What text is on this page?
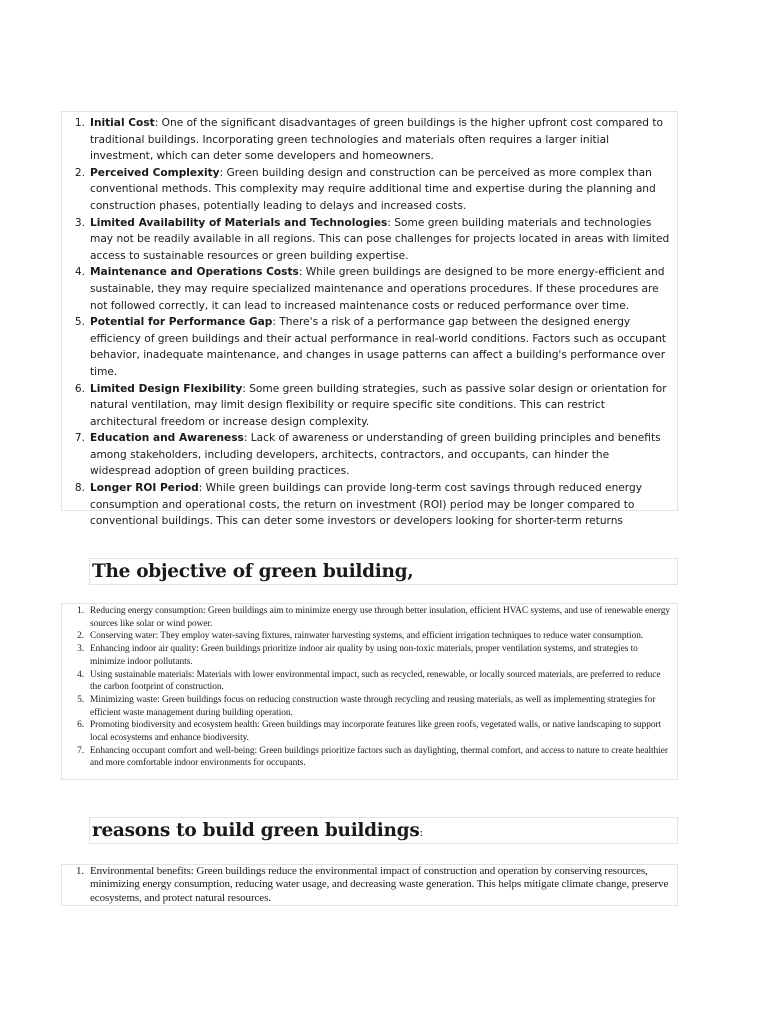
1 . Initial Cost: One of the significant disadvantages of green buildings is the higher upfront cost compared to traditional buildings. Incorporating green technologies and materials often requires a larger initial investment, which can deter some developers and homeowners.
2 . Perceived Complexity: Green building design and construction can be perceived as more complex than conventional methods. This complexity may require additional time and expertise during the planning and construction phases, potentially leading to delays and increased costs.
3 . Limited Availability of Materials and Technologies: Some green building materials and technologies may not be readily available in all regions. This can pose challenges for projects located in areas with limited access to sustainable resources or green building expertise.
4 . Maintenance and Operations Costs: While green buildings are designed to be more energy-efficient and sustainable, they may require specialized maintenance and operations procedures. If these procedures are not followed correctly, it can lead to increased maintenance costs or reduced performance over time.
5 . Potential for Performance Gap: There's a risk of a performance gap between the designed energy efficiency of green buildings and their actual performance in real-world conditions. Factors such as occupant behavior, inadequate maintenance, and changes in usage patterns can affect a building's performance over time.
6 . Limited Design Flexibility: Some green building strategies, such as passive solar design or orientation for natural ventilation, may limit design flexibility or require specific site conditions. This can restrict architectural freedom or increase design complexity.
7 . Education and Awareness: Lack of awareness or understanding of green building principles and benefits among stakeholders, including developers, architects, contractors, and occupants, can hinder the widespread adoption of green building practices.
8 . Longer ROI Period: While green buildings can provide long-term cost savings through reduced energy consumption and operational costs, the return on investment (ROI) period may be longer compared to conventional buildings. This can deter some investors or developers looking for shorter-term returns
The objective of green building,
1 . Reducing energy consumption: Green buildings aim to minimize energy use through better insulation, efficient HVAC systems, and use of renewable energy sources like solar or wind power.
2 . Conserving water: They employ water-saving fixtures, rainwater harvesting systems, and efficient irrigation techniques to reduce water consumption.
3 . Enhancing indoor air quality: Green buildings prioritize indoor air quality by using non-toxic materials, proper ventilation systems, and strategies to minimize indoor pollutants.
4 . Using sustainable materials: Materials with lower environmental impact, such as recycled, renewable, or locally sourced materials, are preferred to reduce the carbon footprint of construction.
5 . Minimizing waste: Green buildings focus on reducing construction waste through recycling and reusing materials, as well as implementing strategies for efficient waste management during building operation.
6 . Promoting biodiversity and ecosystem health: Green buildings may incorporate features like green roofs, vegetated walls, or native landscaping to support local ecosystems and enhance biodiversity.
7 . Enhancing occupant comfort and well-being: Green buildings prioritize factors such as daylighting, thermal comfort, and access to nature to create healthier and more comfortable indoor environments for occupants.
reasons to build green buildings:
1 . Environmental benefits: Green buildings reduce the environmental impact of construction and operation by conserving resources, minimizing energy consumption, reducing water usage, and decreasing waste generation. This helps mitigate climate change, preserve ecosystems, and protect natural resources.
